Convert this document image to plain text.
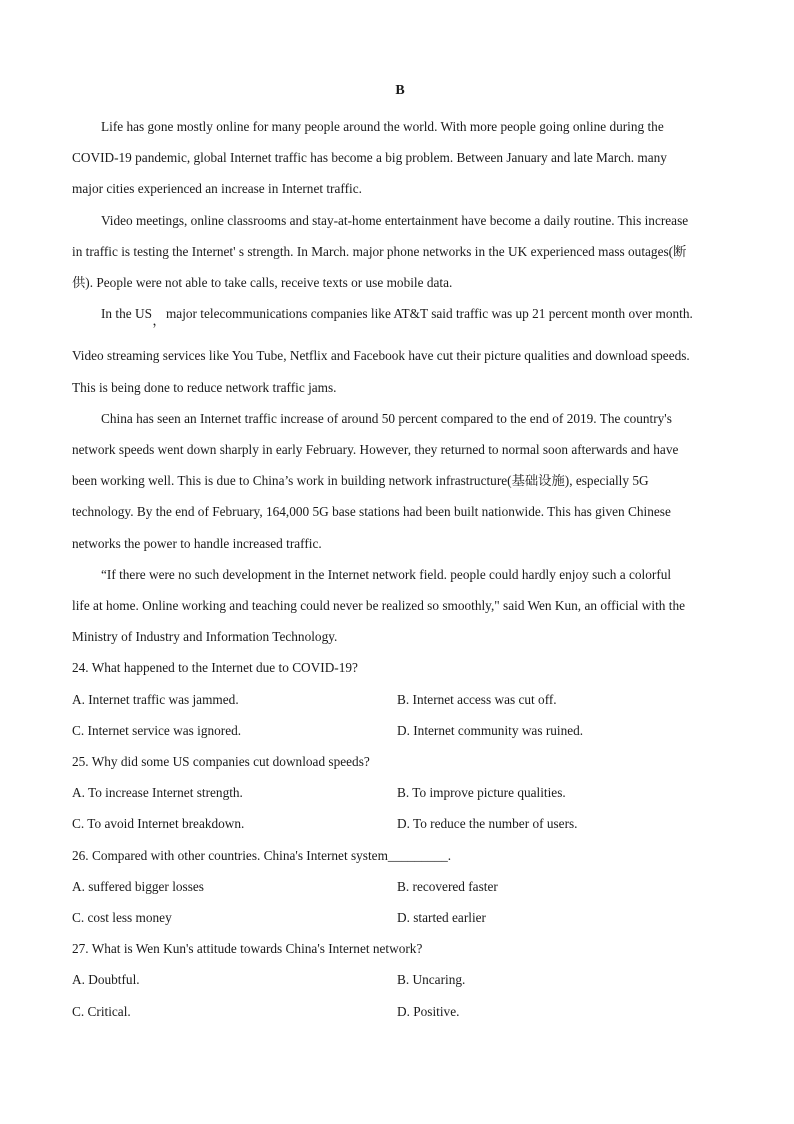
B
Life has gone mostly online for many people around the world. With more people going online during the
COVID-19 pandemic, global Internet traffic has become a big problem. Between January and late March. many
major cities experienced an increase in Internet traffic.
Video meetings, online classrooms and stay-at-home entertainment have become a daily routine. This increase
in traffic is testing the Internet' s strength. In March. major phone networks in the UK experienced mass outages(断
供). People were not able to take calls, receive texts or use mobile data.
In the US，major telecommunications companies like AT&T said traffic was up 21 percent month over month.
Video streaming services like You Tube, Netflix and Facebook have cut their picture qualities and download speeds.
This is being done to reduce network traffic jams.
China has seen an Internet traffic increase of around 50 percent compared to the end of 2019. The country's
network speeds went down sharply in early February. However, they returned to normal soon afterwards and have
been working well. This is due to China’s work in building network infrastructure(基础设施), especially 5G
technology. By the end of February, 164,000 5G base stations had been built nationwide. This has given Chinese
networks the power to handle increased traffic.
“If there were no such development in the Internet network field. people could hardly enjoy such a colorful
life at home. Online working and teaching could never be realized so smoothly," said Wen Kun, an official with the
Ministry of Industry and Information Technology.
24. What happened to the Internet due to COVID-19?
A. Internet traffic was jammed.	B. Internet access was cut off.
C. Internet service was ignored.	D. Internet community was ruined.
25. Why did some US companies cut download speeds?
A. To increase Internet strength.	B. To improve picture qualities.
C. To avoid Internet breakdown.	D. To reduce the number of users.
26. Compared with other countries. China's Internet system_________.
A. suffered bigger losses	B. recovered faster
C. cost less money	D. started earlier
27. What is Wen Kun's attitude towards China's Internet network?
A. Doubtful.	B. Uncaring.
C. Critical.	D. Positive.
